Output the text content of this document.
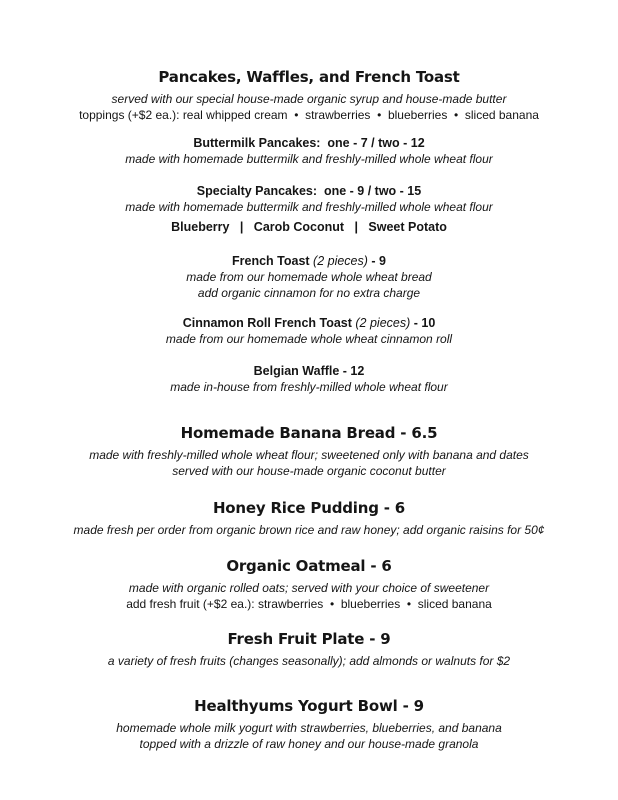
Pancakes, Waffles, and French Toast
served with our special house-made organic syrup and house-made butter
toppings (+$2 ea.): real whipped cream  •  strawberries  •  blueberries  •  sliced banana
Buttermilk Pancakes:  one - 7 / two - 12
made with homemade buttermilk and freshly-milled whole wheat flour
Specialty Pancakes:  one - 9 / two - 15
made with homemade buttermilk and freshly-milled whole wheat flour
Blueberry   |   Carob Coconut   |   Sweet Potato
French Toast (2 pieces) - 9
made from our homemade whole wheat bread
add organic cinnamon for no extra charge
Cinnamon Roll French Toast (2 pieces) - 10
made from our homemade whole wheat cinnamon roll
Belgian Waffle - 12
made in-house from freshly-milled whole wheat flour
Homemade Banana Bread - 6.5
made with freshly-milled whole wheat flour; sweetened only with banana and dates
served with our house-made organic coconut butter
Honey Rice Pudding - 6
made fresh per order from organic brown rice and raw honey; add organic raisins for 50¢
Organic Oatmeal - 6
made with organic rolled oats; served with your choice of sweetener
add fresh fruit (+$2 ea.): strawberries  •  blueberries  •  sliced banana
Fresh Fruit Plate - 9
a variety of fresh fruits (changes seasonally); add almonds or walnuts for $2
Healthyums Yogurt Bowl - 9
homemade whole milk yogurt with strawberries, blueberries, and banana
topped with a drizzle of raw honey and our house-made granola
